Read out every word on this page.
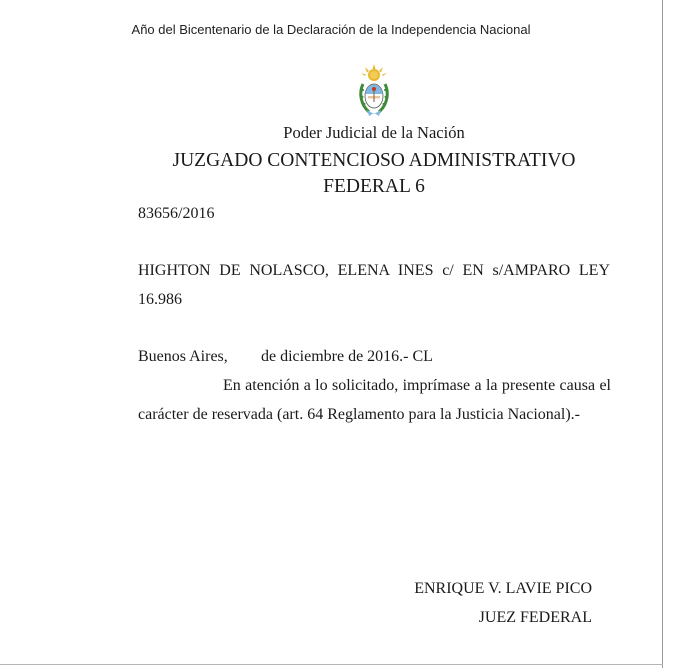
Año del Bicentenario de la Declaración de la Independencia Nacional
Poder Judicial de la Nación
JUZGADO CONTENCIOSO ADMINISTRATIVO
FEDERAL 6
83656/2016
HIGHTON DE NOLASCO, ELENA INES c/ EN s/AMPARO LEY
16.986
Buenos Aires, de diciembre de 2016.- CL
En atención a lo solicitado, imprímase a la presente causa el carácter de reservada (art. 64 Reglamento para la Justicia Nacional).-
ENRIQUE V. LAVIE PICO
JUEZ FEDERAL
